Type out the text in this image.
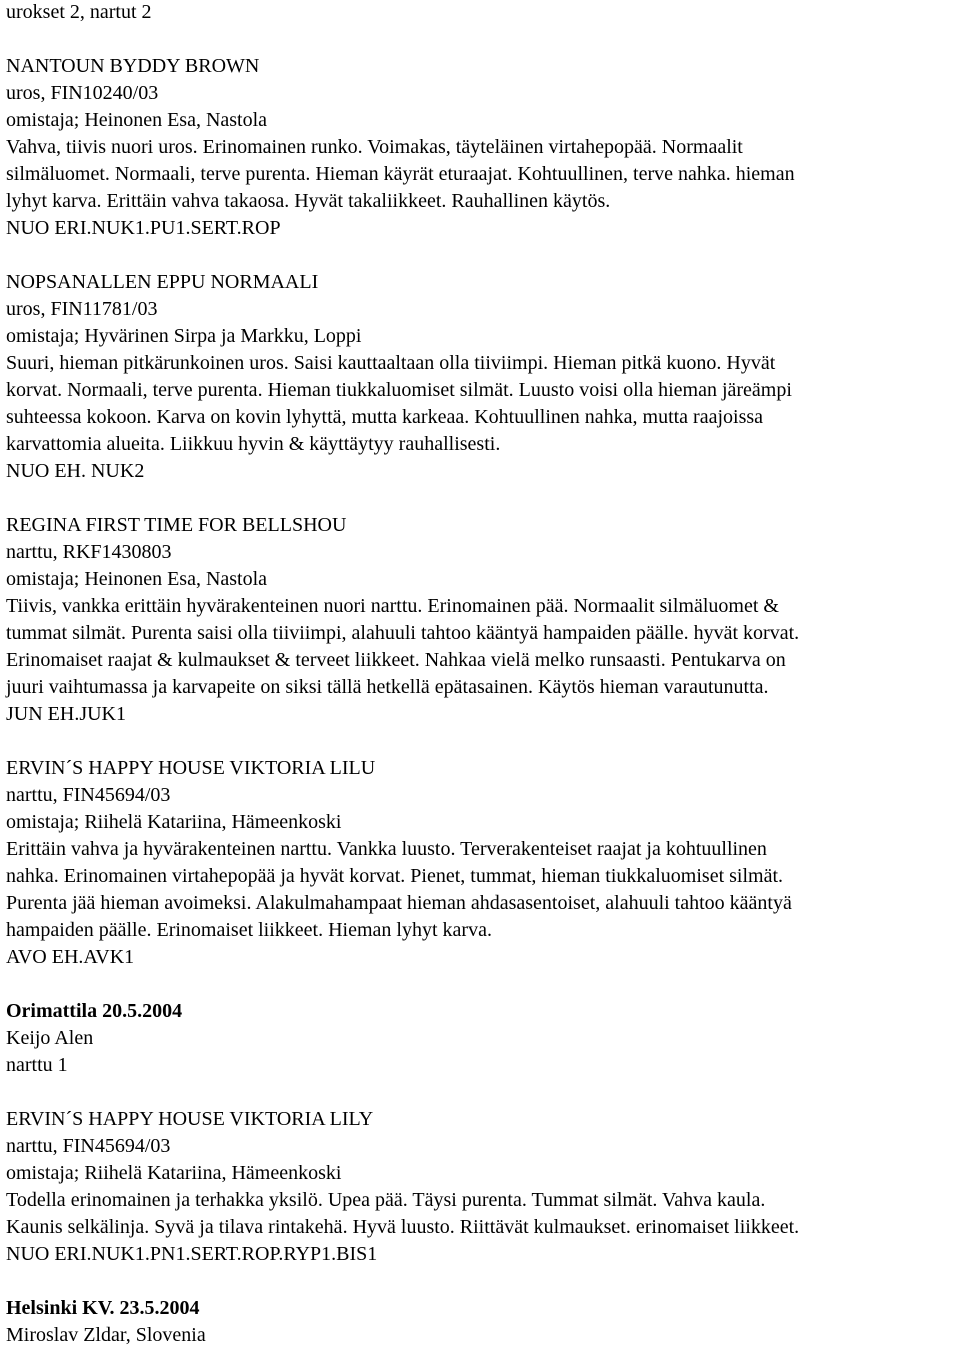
urokset 2, nartut 2
NANTOUN BYDDY BROWN
uros, FIN10240/03
omistaja; Heinonen Esa, Nastola
Vahva, tiivis nuori uros. Erinomainen runko. Voimakas, täyteläinen virtahepopää. Normaalit
silmäluomet. Normaali, terve purenta. Hieman käyrät eturaajat. Kohtuullinen, terve nahka. hieman
lyhyt karva. Erittäin vahva takaosa. Hyvät takaliikkeet. Rauhallinen käytös.
NUO ERI.NUK1.PU1.SERT.ROP
NOPSANALLEN EPPU NORMAALI
uros, FIN11781/03
omistaja; Hyvärinen Sirpa ja Markku, Loppi
Suuri, hieman pitkärunkoinen uros. Saisi kauttaaltaan olla tiiviimpi. Hieman pitkä kuono. Hyvät
korvat. Normaali, terve purenta. Hieman tiukkaluomiset silmät. Luusto voisi olla hieman järeämpi
suhteessa kokoon. Karva on kovin lyhyttä, mutta karkeaa. Kohtuullinen nahka, mutta raajoissa
karvattomia alueita. Liikkuu hyvin & käyttäytyy rauhallisesti.
NUO EH. NUK2
REGINA FIRST TIME FOR BELLSHOU
narttu, RKF1430803
omistaja; Heinonen Esa, Nastola
Tiivis, vankka erittäin hyvärakenteinen nuori narttu. Erinomainen pää. Normaalit silmäluomet &
tummat silmät. Purenta saisi olla tiiviimpi, alahuuli tahtoo kääntyä hampaiden päälle. hyvät korvat.
Erinomaiset raajat & kulmaukset & terveet liikkeet. Nahkaa vielä melko runsaasti. Pentukarva on
juuri vaihtumassa ja karvapeite on siksi tällä hetkellä epätasainen. Käytös hieman varautunutta.
JUN EH.JUK1
ERVIN´S HAPPY HOUSE VIKTORIA LILU
narttu, FIN45694/03
omistaja; Riihelä Katariina, Hämeenkoski
Erittäin vahva ja hyvärakenteinen narttu. Vankka luusto. Terverakenteiset raajat ja kohtuullinen
nahka. Erinomainen virtahepopää ja hyvät korvat. Pienet, tummat, hieman tiukkaluomiset silmät.
Purenta jää hieman avoimeksi. Alakulmahampaat hieman ahdasasentoiset, alahuuli tahtoo kääntyä
hampaiden päälle. Erinomaiset liikkeet. Hieman lyhyt karva.
AVO EH.AVK1
Orimattila 20.5.2004
Keijo Alen
narttu 1
ERVIN´S HAPPY HOUSE VIKTORIA LILY
narttu, FIN45694/03
omistaja; Riihelä Katariina, Hämeenkoski
Todella erinomainen ja terhakka yksilö. Upea pää. Täysi purenta. Tummat silmät. Vahva kaula.
Kaunis selkälinja. Syvä ja tilava rintakehä. Hyvä luusto. Riittävät kulmaukset. erinomaiset liikkeet.
NUO ERI.NUK1.PN1.SERT.ROP.RYP1.BIS1
Helsinki KV. 23.5.2004
Miroslav Zldar, Slovenia
